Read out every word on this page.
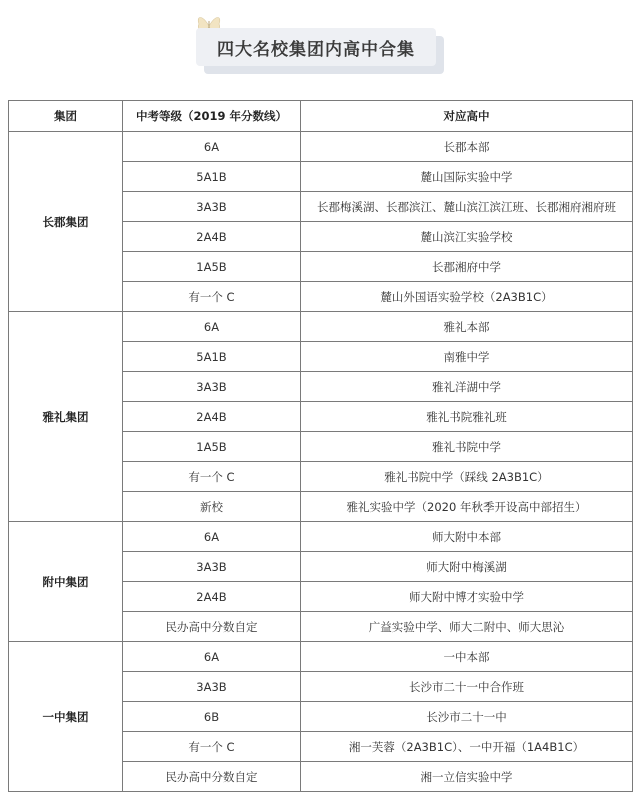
四大名校集团内高中合集
集团	中考等级（2019 年分数线）	对应高中
长郡集团	6A	长郡本部
	5A1B	麓山国际实验中学
	3A3B	长郡梅溪湖、长郡滨江、麓山滨江滨江班、长郡湘府湘府班
	2A4B	麓山滨江实验学校
	1A5B	长郡湘府中学
	有一个 C	麓山外国语实验学校（2A3B1C）
雅礼集团	6A	雅礼本部
	5A1B	南雅中学
	3A3B	雅礼洋湖中学
	2A4B	雅礼书院雅礼班
	1A5B	雅礼书院中学
	有一个 C	雅礼书院中学（踩线 2A3B1C）
	新校	雅礼实验中学（2020 年秋季开设高中部招生）
附中集团	6A	师大附中本部
	3A3B	师大附中梅溪湖
	2A4B	师大附中博才实验中学
	民办高中分数自定	广益实验中学、师大二附中、师大思沁
一中集团	6A	一中本部
	3A3B	长沙市二十一中合作班
	6B	长沙市二十一中
	有一个 C	湘一芙蓉（2A3B1C）、一中开福（1A4B1C）
	民办高中分数自定	湘一立信实验中学
